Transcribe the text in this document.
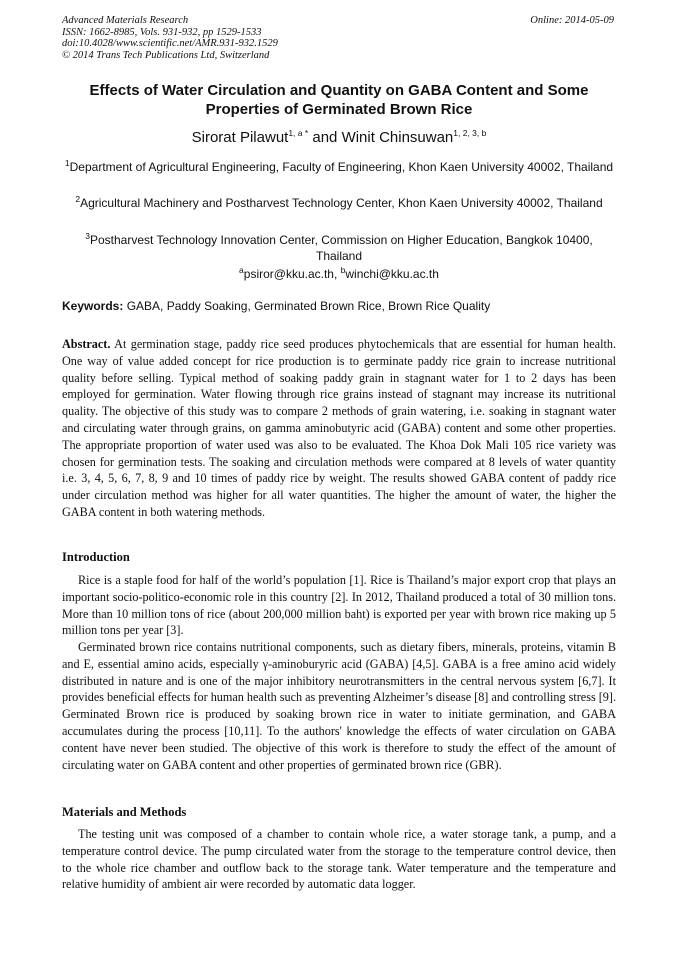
Advanced Materials Research
ISSN: 1662-8985, Vols. 931-932, pp 1529-1533
doi:10.4028/www.scientific.net/AMR.931-932.1529
© 2014 Trans Tech Publications Ltd, Switzerland
Online: 2014-05-09
Effects of Water Circulation and Quantity on GABA Content and Some Properties of Germinated Brown Rice
Sirorat Pilawut$^{1, a *}$ and Winit Chinsuwan$^{1, 2, 3, b}$
$^1$Department of Agricultural Engineering, Faculty of Engineering, Khon Kaen University 40002, Thailand
$^2$Agricultural Machinery and Postharvest Technology Center, Khon Kaen University 40002, Thailand
$^3$Postharvest Technology Innovation Center, Commission on Higher Education, Bangkok 10400, Thailand
$^a$psiror@kku.ac.th, $^b$winchi@kku.ac.th
Keywords: GABA, Paddy Soaking, Germinated Brown Rice, Brown Rice Quality
Abstract. At germination stage, paddy rice seed produces phytochemicals that are essential for human health. One way of value added concept for rice production is to germinate paddy rice grain to increase nutritional quality before selling. Typical method of soaking paddy grain in stagnant water for 1 to 2 days has been employed for germination. Water flowing through rice grains instead of stagnant may increase its nutritional quality. The objective of this study was to compare 2 methods of grain watering, i.e. soaking in stagnant water and circulating water through grains, on gamma aminobutyric acid (GABA) content and some other properties. The appropriate proportion of water used was also to be evaluated. The Khoa Dok Mali 105 rice variety was chosen for germination tests. The soaking and circulation methods were compared at 8 levels of water quantity i.e. 3, 4, 5, 6, 7, 8, 9 and 10 times of paddy rice by weight. The results showed GABA content of paddy rice under circulation method was higher for all water quantities. The higher the amount of water, the higher the GABA content in both watering methods.
Introduction

Rice is a staple food for half of the world’s population [1]. Rice is Thailand’s major export crop that plays an important socio-politico-economic role in this country [2]. In 2012, Thailand produced a total of 30 million tons. More than 10 million tons of rice (about 200,000 million baht) is exported per year with brown rice making up 5 million tons per year [3].

Germinated brown rice contains nutritional components, such as dietary fibers, minerals, proteins, vitamin B and E, essential amino acids, especially γ-aminoburyric acid (GABA) [4,5]. GABA is a free amino acid widely distributed in nature and is one of the major inhibitory neurotransmitters in the central nervous system [6,7]. It provides beneficial effects for human health such as preventing Alzheimer’s disease [8] and controlling stress [9]. Germinated Brown rice is produced by soaking brown rice in water to initiate germination, and GABA accumulates during the process [10,11]. To the authors' knowledge the effects of water circulation on GABA content have never been studied. The objective of this work is therefore to study the effect of the amount of circulating water on GABA content and other properties of germinated brown rice (GBR).

Materials and Methods

The testing unit was composed of a chamber to contain whole rice, a water storage tank, a pump, and a temperature control device. The pump circulated water from the storage to the temperature control device, then to the whole rice chamber and outflow back to the storage tank. Water temperature and the temperature and relative humidity of ambient air were recorded by automatic data logger.
